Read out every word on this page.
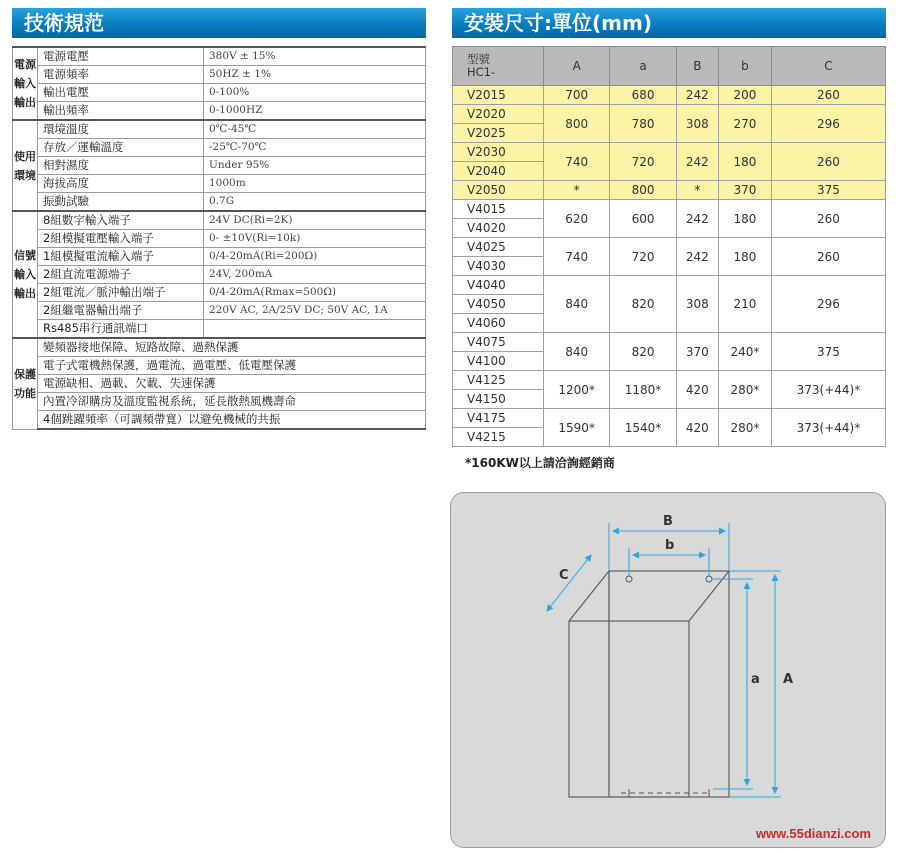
技術規范	安裝尺寸:單位(mm)
電源
輸入
輸出	電源電壓	380V ± 15%
	電源頻率	50HZ ± 1%
	輸出電壓	0-100%
	輸出頻率	0-1000HZ

使用
環境	環境溫度	0℃-45℃
	存放／運輸溫度	-25℃-70℃
	相對濕度	Under 95%
	海拔高度	1000m
	振動試驗	0.7G

信號
輸入
輸出	8組數字輸入端子	24V DC(Ri=2K)
	2組模擬電壓輸入端子	0- ±10V(Ri=10k)
	1組模擬電流輸入端子	0/4-20mA(Ri=200Ω)
	2組直流電源端子	24V, 200mA
	2組電流／脈沖輸出端子	0/4-20mA(Rmax=500Ω)
	2組繼電器輸出端子	220V AC, 2A/25V DC; 50V AC, 1A
	Rs485串行通訊端口	

保護
功能	變頻器接地保障、短路故障、過熱保護	
	電子式電機熱保護，過電流、過電壓、低電壓保護	
	電源缺相、過載、欠載、失速保護	
	內置冷卻購房及溫度監視系統，延長散熱風機壽命	
	4個跳躍頻率（可調頻帶寬）以避免機械的共振	
型號
HC1-	A	a	B	b	C
V2015	700	680	242	200	260
V2020	800	780	308	270	296
V2025					
V2030	740	720	242	180	260
V2040					
V2050	*	800	*	370	375
V4015	620	600	242	180	260
V4020					
V4025	740	720	242	180	260
V4030					
V4040	840	820	308	210	296
V4050					
V4060					
V4075	840	820	370	240*	375
V4100					
V4125	1200*	1180*	420	280*	373(+44)*
V4150					
V4175	1590*	1540*	420	280*	373(+44)*
V4215					
*160KW以上請洽詢經銷商
B
b
C
a A
www.55dianzi.com
